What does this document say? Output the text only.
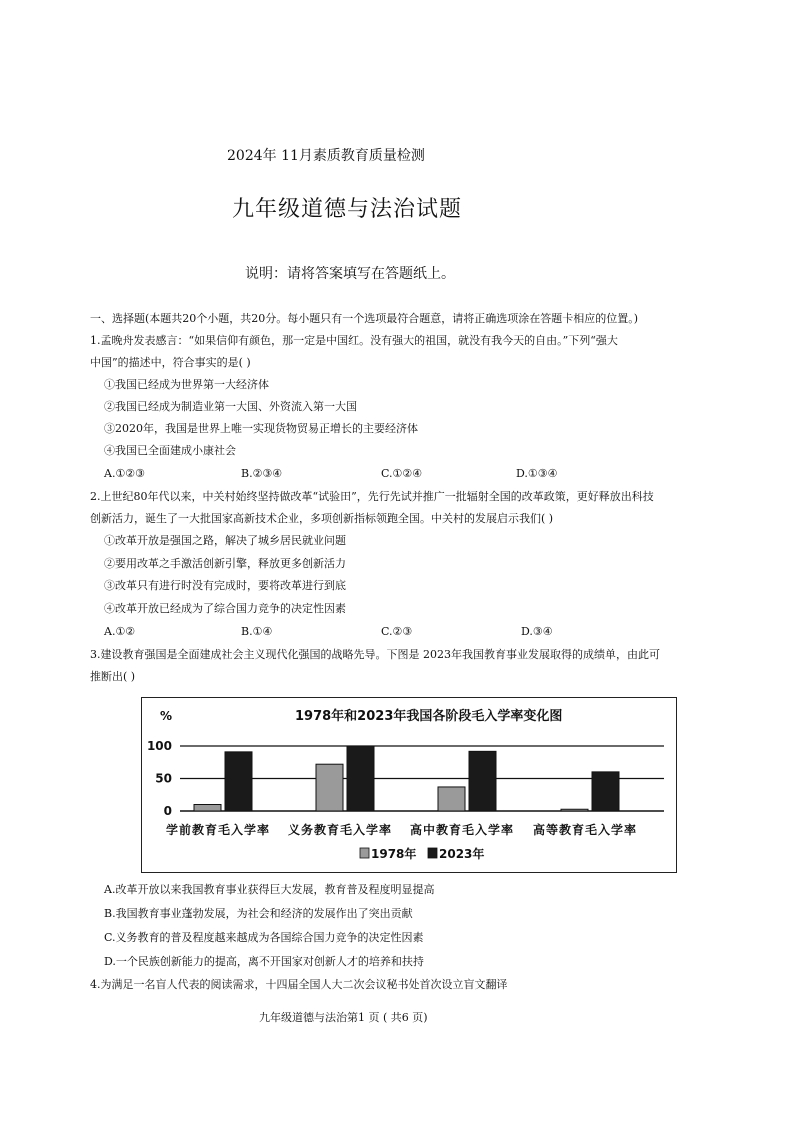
2024年 11月素质教育质量检测
九年级道德与法治试题
说明：请将答案填写在答题纸上。
一、选择题(本题共20个小题，共20分。每小题只有一个选项最符合题意，请将正确选项涂在答题卡相应的位置。)
1.孟晚舟发表感言：“如果信仰有颜色，那一定是中国红。没有强大的祖国，就没有我今天的自由。”下列“强大
中国”的描述中，符合事实的是( )
①我国已经成为世界第一大经济体
②我国已经成为制造业第一大国、外资流入第一大国
③2020年，我国是世界上唯一实现货物贸易正增长的主要经济体
④我国已全面建成小康社会
A.①②③	B.②③④	C.①②④	D.①③④
2.上世纪80年代以来，中关村始终坚持做改革“试验田”，先行先试并推广一批辐射全国的改革政策，更好释放出科技
创新活力，诞生了一大批国家高新技术企业，多项创新指标领跑全国。中关村的发展启示我们( )
①改革开放是强国之路，解决了城乡居民就业问题
②要用改革之手激活创新引擎，释放更多创新活力
③改革只有进行时没有完成时，要将改革进行到底
④改革开放已经成为了综合国力竞争的决定性因素
A.①②	B.①④	C.②③	D.③④
3.建设教育强国是全面建成社会主义现代化强国的战略先导。下图是 2023年我国教育事业发展取得的成绩单，由此可
推断出( )
1978年和2023年我国各阶段毛入学率变化图
%
100
50
0
学前教育毛入学率 义务教育毛入学率 高中教育毛入学率 高等教育毛入学率
1978年 2023年
A.改革开放以来我国教育事业获得巨大发展，教育普及程度明显提高
B.我国教育事业蓬勃发展，为社会和经济的发展作出了突出贡献
C.义务教育的普及程度越来越成为各国综合国力竞争的决定性因素
D.一个民族创新能力的提高，离不开国家对创新人才的培养和扶持
4.为满足一名盲人代表的阅读需求，十四届全国人大二次会议秘书处首次设立盲文翻译
九年级道德与法治第1 页 ( 共6 页)
